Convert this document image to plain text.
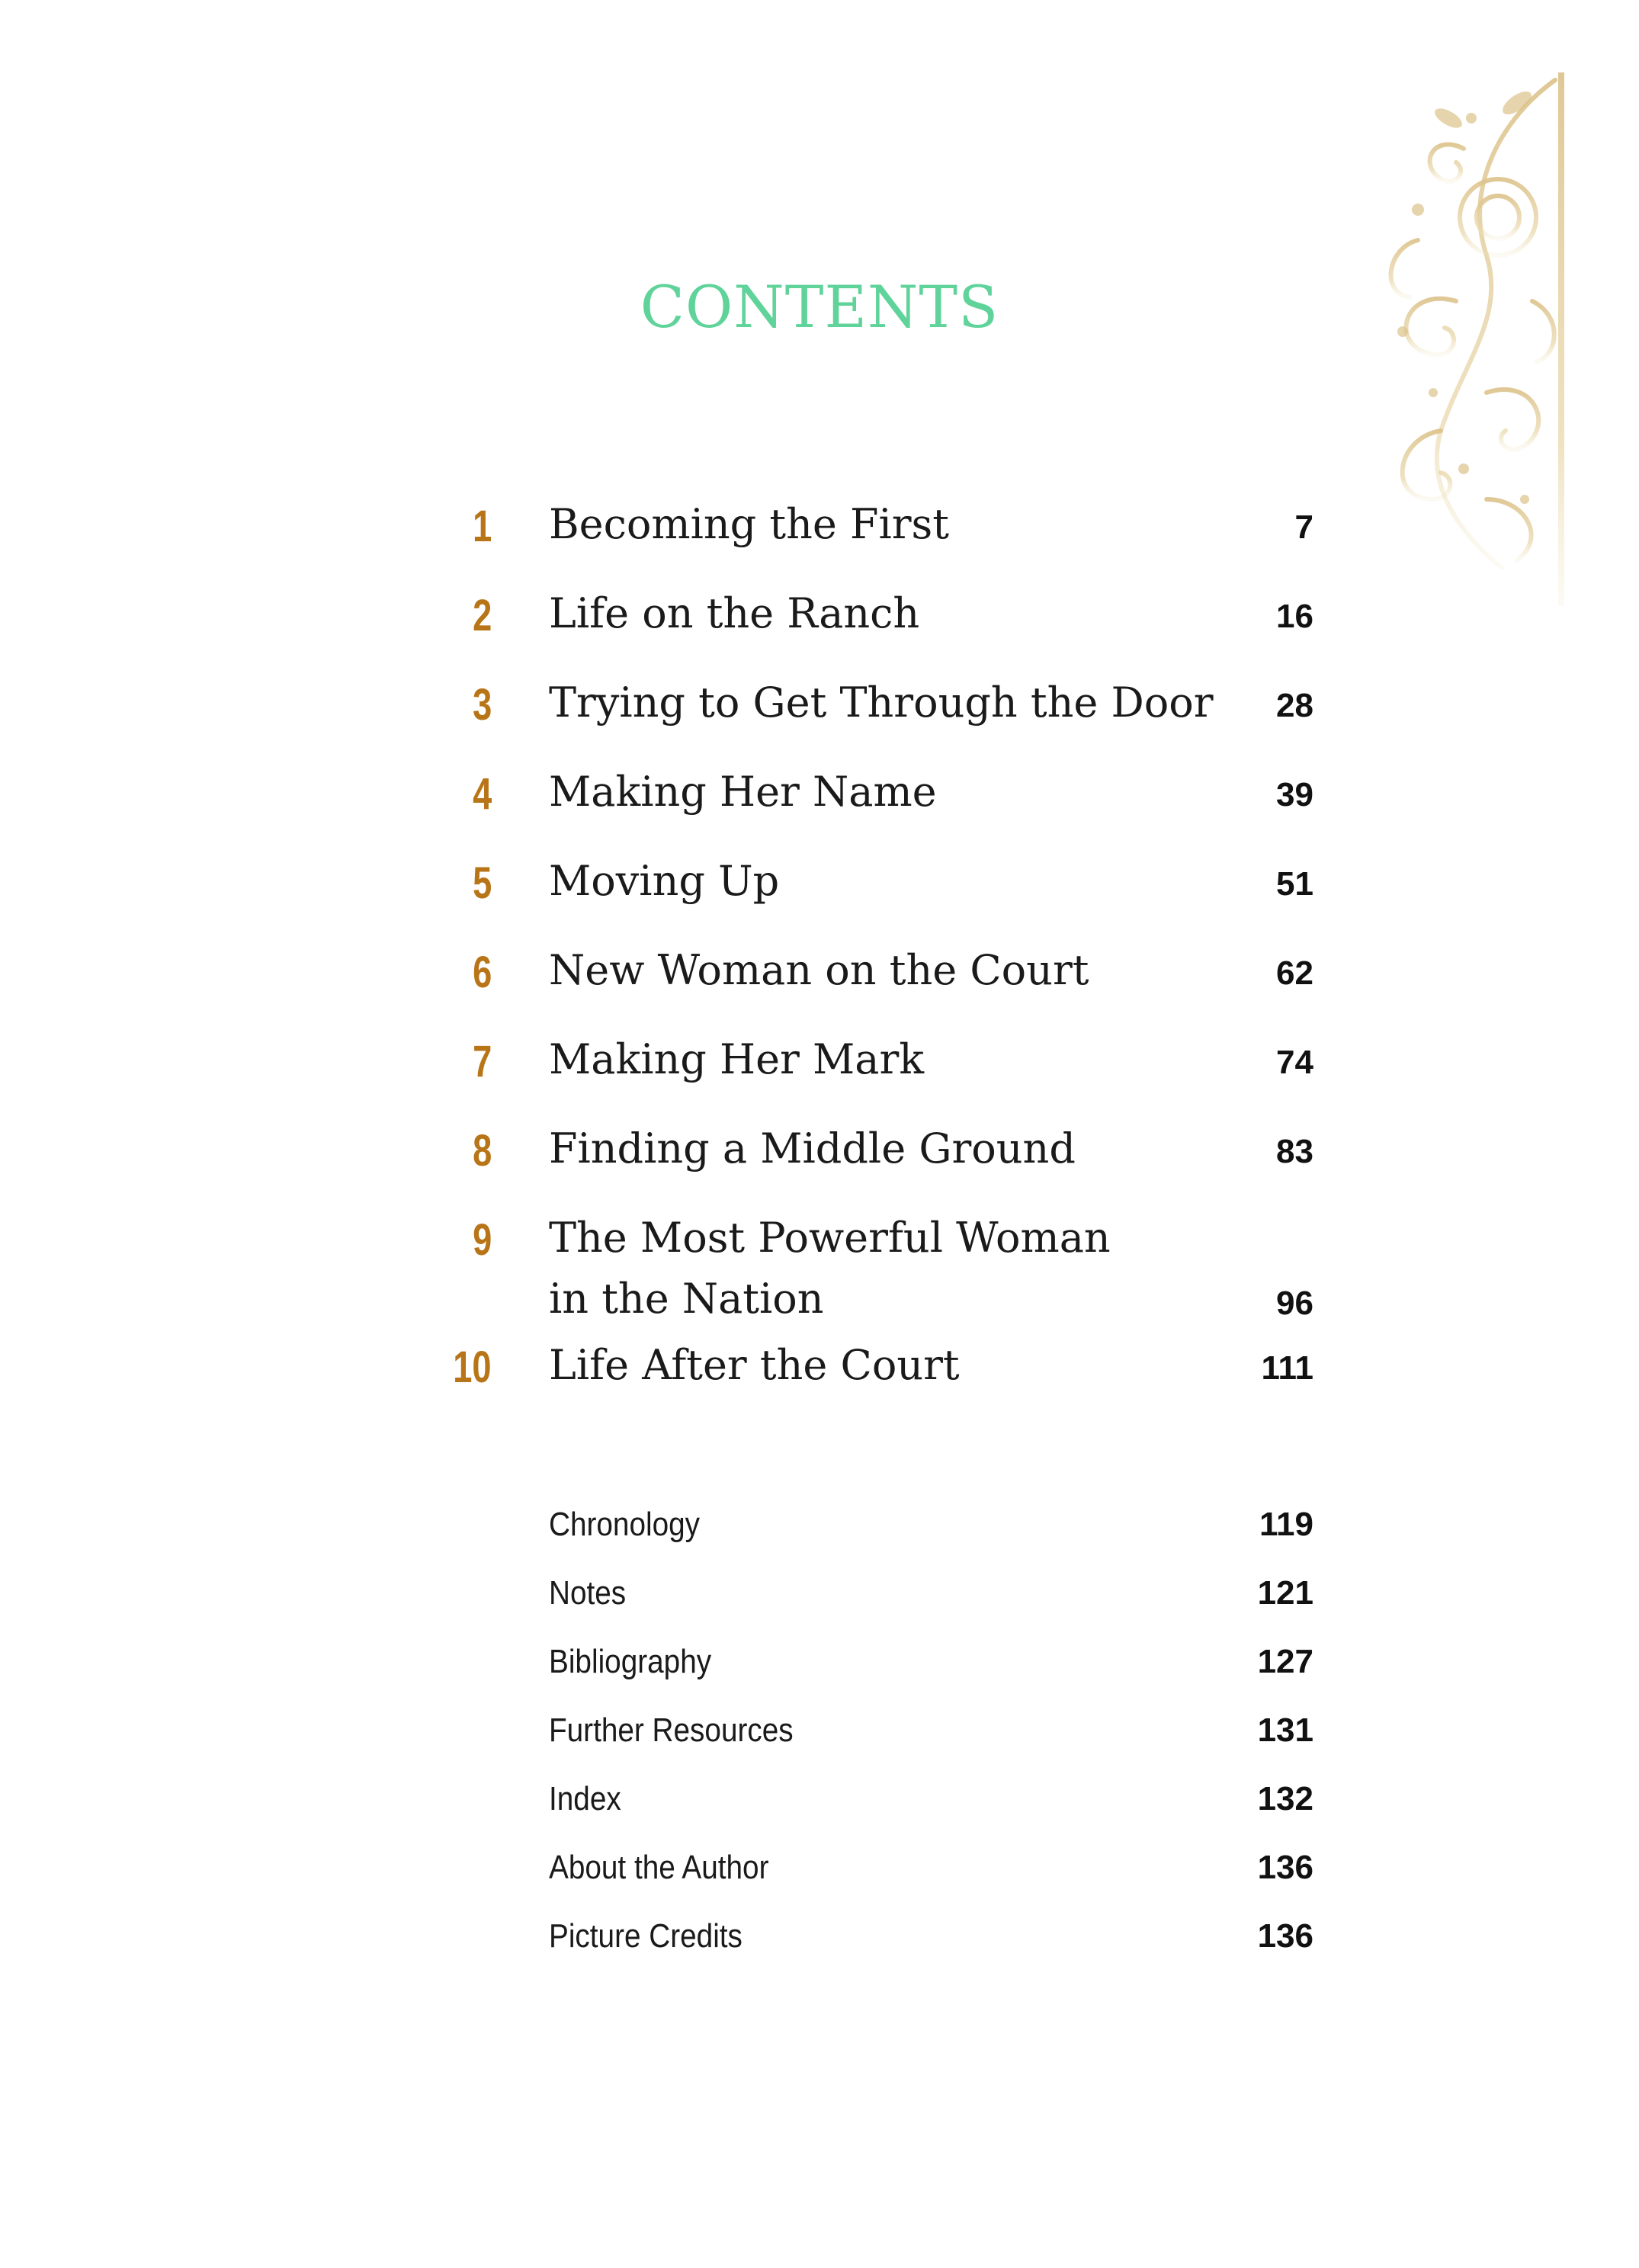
CONTENTS
1 Becoming the First	7
2 Life on the Ranch	16
3 Trying to Get Through the Door 28
4 Making Her Name	39
5 Moving Up	51
6 New Woman on the Court	62
7 Making Her Mark	74
8 Finding a Middle Ground	83
9 The Most Powerful Woman
in the Nation	96
10 Life After the Court	111
Chronology	119
Notes	121
Bibliography	127
Further Resources	131
Index	132
About the Author	136
Picture Credits	136
